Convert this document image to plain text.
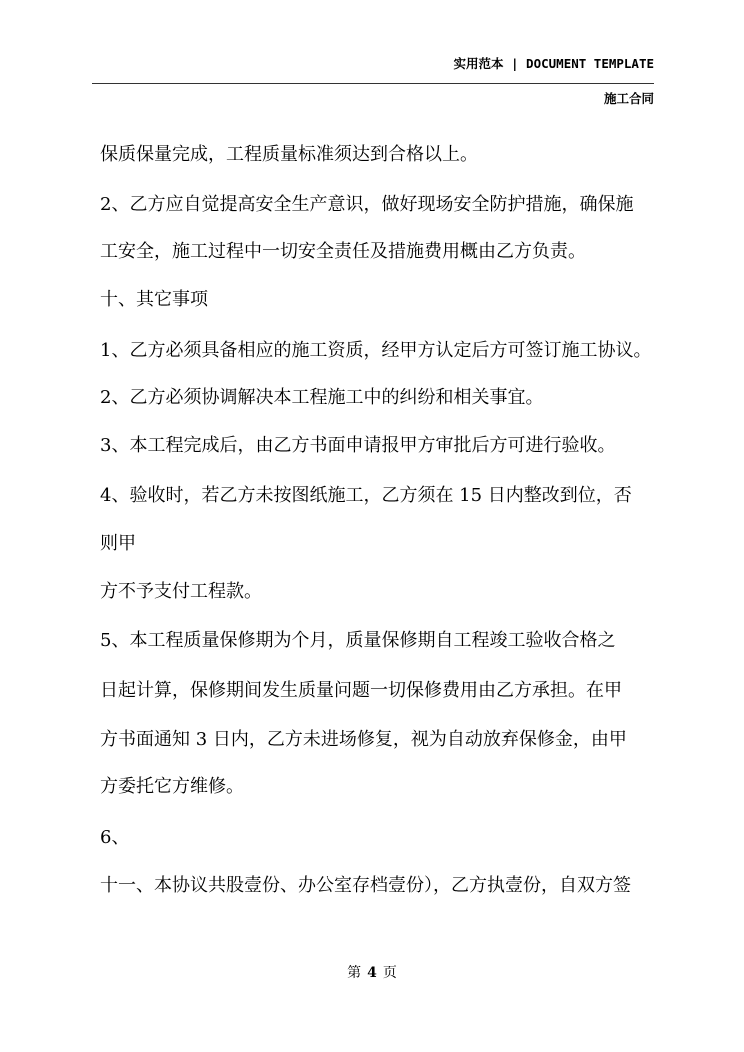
实用范本 | DOCUMENT TEMPLATE
施工合同
保质保量完成，工程质量标准须达到合格以上。
2、乙方应自觉提高安全生产意识，做好现场安全防护措施，确保施
工安全，施工过程中一切安全责任及措施费用概由乙方负责。
十、其它事项
1、乙方必须具备相应的施工资质，经甲方认定后方可签订施工协议。
2、乙方必须协调解决本工程施工中的纠纷和相关事宜。
3、本工程完成后，由乙方书面申请报甲方审批后方可进行验收。
4、验收时，若乙方未按图纸施工，乙方须在 15 日内整改到位，否
则甲
方不予支付工程款。
5、本工程质量保修期为个月，质量保修期自工程竣工验收合格之
日起计算，保修期间发生质量问题一切保修费用由乙方承担。在甲
方书面通知 3 日内，乙方未进场修复，视为自动放弃保修金，由甲
方委托它方维修。
6、
十一、本协议共股壹份、办公室存档壹份），乙方执壹份，自双方签
第 4 页
